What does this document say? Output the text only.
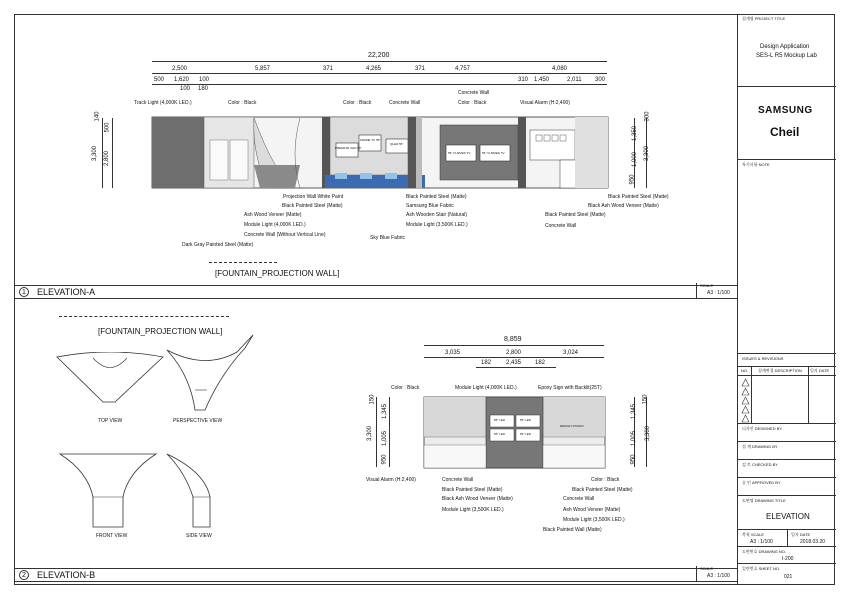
22,200
2,500	5,857	371	4,265	371	4,757	4,080
500 1,620 100
100 180
310 1,450	2,011 300
PREMIUM UHD 65"
FRAME TV 55"
QLED 55"
55" CURVED TV	55" CURVED TV
3,300 2,800
500
140
3,300
1,350
1,000
950
300
Track Light (4,000K LED.)	Color : Black	Color : Black	Concrete Wall
Concrete Wall
Color : Black	Visual Alarm (H:2,400)
Projection Wall White Paint
Black Painted Steel (Matte)
Ash Wood Veneer (Matte)
Module Light (4,000K LED.)
Concrete Wall (Without Vertical Line)
Dark Gray Painted Steel (Matte)
Black Painted Steel (Matte)
Samsung Blue Fabric
Ash Wooden Stair (Natural)
Module Light (3,500K LED.)
Sky Blue Fabric
Black Painted Steel (Matte)
Black Ash Wood Veneer (Matte)
Black Painted Steel (Matte)
Concrete Wall
[FOUNTAIN_PROJECTION WALL]
1	ELEVATION-A
SCALE
A3 : 1/100
[FOUNTAIN_PROJECTION WALL]
TOP VIEW	PERSPECTIVE VIEW
FRONT VIEW	SIDE VIEW
8,859
3,035	2,800	3,024
182 2,435 182
Color : Black	Module Light (4,000K LED.)	Epoxy Sign with Backlit(25T)
55" LED	55" LED
55" LED	55" LED
DESIGN STUDIO
3,300
1,345
1,005
950
150
3,300
1,345
1,005
950
150
Visual Alarm (H:2,400)	Concrete Wall
Black Painted Steel (Matte)
Black Ash Wood Veneer (Matte)
Module Light (3,500K LED.)
Color : Black
Black Painted Steel (Matte)
Concrete Wall
Ash Wood Veneer (Matte)
Module Light (3,500K LED.)
Black Painted Wall (Matte)
2	ELEVATION-B
SCALE
A3 : 1/100
설계명 PROJECT TITLE
Design Application
SES-L R5 Mockup Lab
SAMSUNG
Cheil
특기사항 NOTE
ISSUES & REVISIONS
NO. 설계변경 DESCRIPTION 일자 DATE
디자인 DESIGNED BY
설 계 DRAWING BY
검 토 CHECKED BY
승 인 APPROVED BY
도면명 DRAWING TITLE
ELEVATION
축척 SCALE	일자 DATE
A3 : 1/100	2018.03.20
도면번호 DRAWING NO.
I-200
일련번호 SHEET NO.
021
